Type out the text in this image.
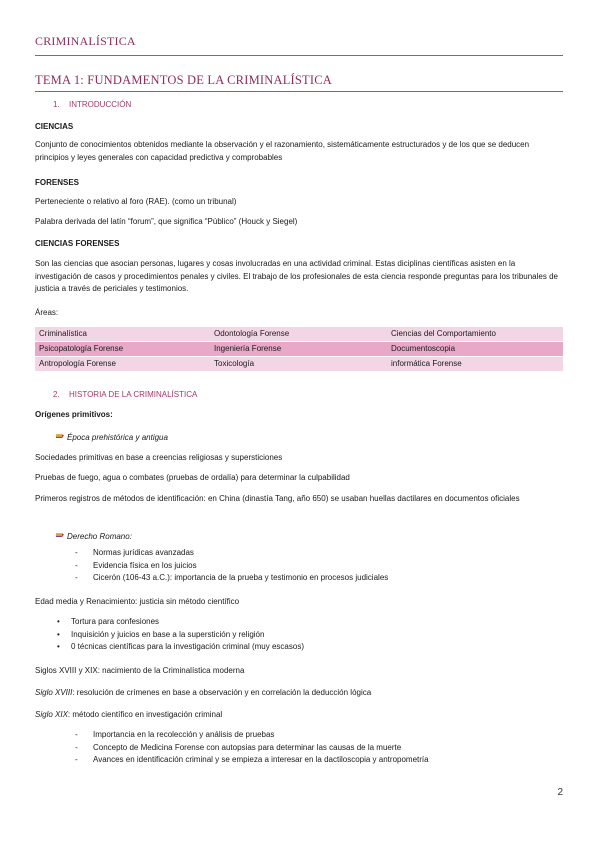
CRIMINALÍSTICA
TEMA 1: FUNDAMENTOS DE LA CRIMINALÍSTICA
1. INTRODUCCIÓN
CIENCIAS
Conjunto de conocimientos obtenidos mediante la observación y el razonamiento, sistemáticamente estructurados y de los que se deducen principios y leyes generales con capacidad predictiva y comprobables
FORENSES
Perteneciente o relativo al foro (RAE). (como un tribunal)
Palabra derivada del latín “forum”, que significa “Público” (Houck y Siegel)
CIENCIAS FORENSES
Son las ciencias que asocian personas, lugares y cosas involucradas en una actividad criminal. Estas diciplinas científicas asisten en la investigación de casos y procedimientos penales y civiles. El trabajo de los profesionales de esta ciencia responde preguntas para los tribunales de justicia a través de periciales y testimonios.
Áreas:
Criminalística	Odontología Forense	Ciencias del Comportamiento
Psicopatología Forense	Ingeniería Forense	Documentoscopia
Antropología Forense	Toxicología	informática Forense
2. HISTORIA DE LA CRIMINALÍSTICA
Orígenes primitivos:
Época prehistórica y antigua
Sociedades primitivas en base a creencias religiosas y supersticiones
Pruebas de fuego, agua o combates (pruebas de ordalía) para determinar la culpabilidad
Primeros registros de métodos de identificación: en China (dinastía Tang, año 650) se usaban huellas dactilares en documentos oficiales
Derecho Romano:
- Normas jurídicas avanzadas
- Evidencia física en los juicios
- Cicerón (106-43 a.C.): importancia de la prueba y testimonio en procesos judiciales
Edad media y Renacimiento: justicia sin método científico
• Tortura para confesiones
• Inquisición y juicios en base a la superstición y religión
• 0 técnicas científicas para la investigación criminal (muy escasos)
Siglos XVIII y XIX: nacimiento de la Criminalística moderna
Siglo XVIII: resolución de crímenes en base a observación y en correlación la deducción lógica
Siglo XIX: método científico en investigación criminal
- Importancia en la recolección y análisis de pruebas
- Concepto de Medicina Forense con autopsias para determinar las causas de la muerte
- Avances en identificación criminal y se empieza a interesar en la dactiloscopia y antropometría
2
